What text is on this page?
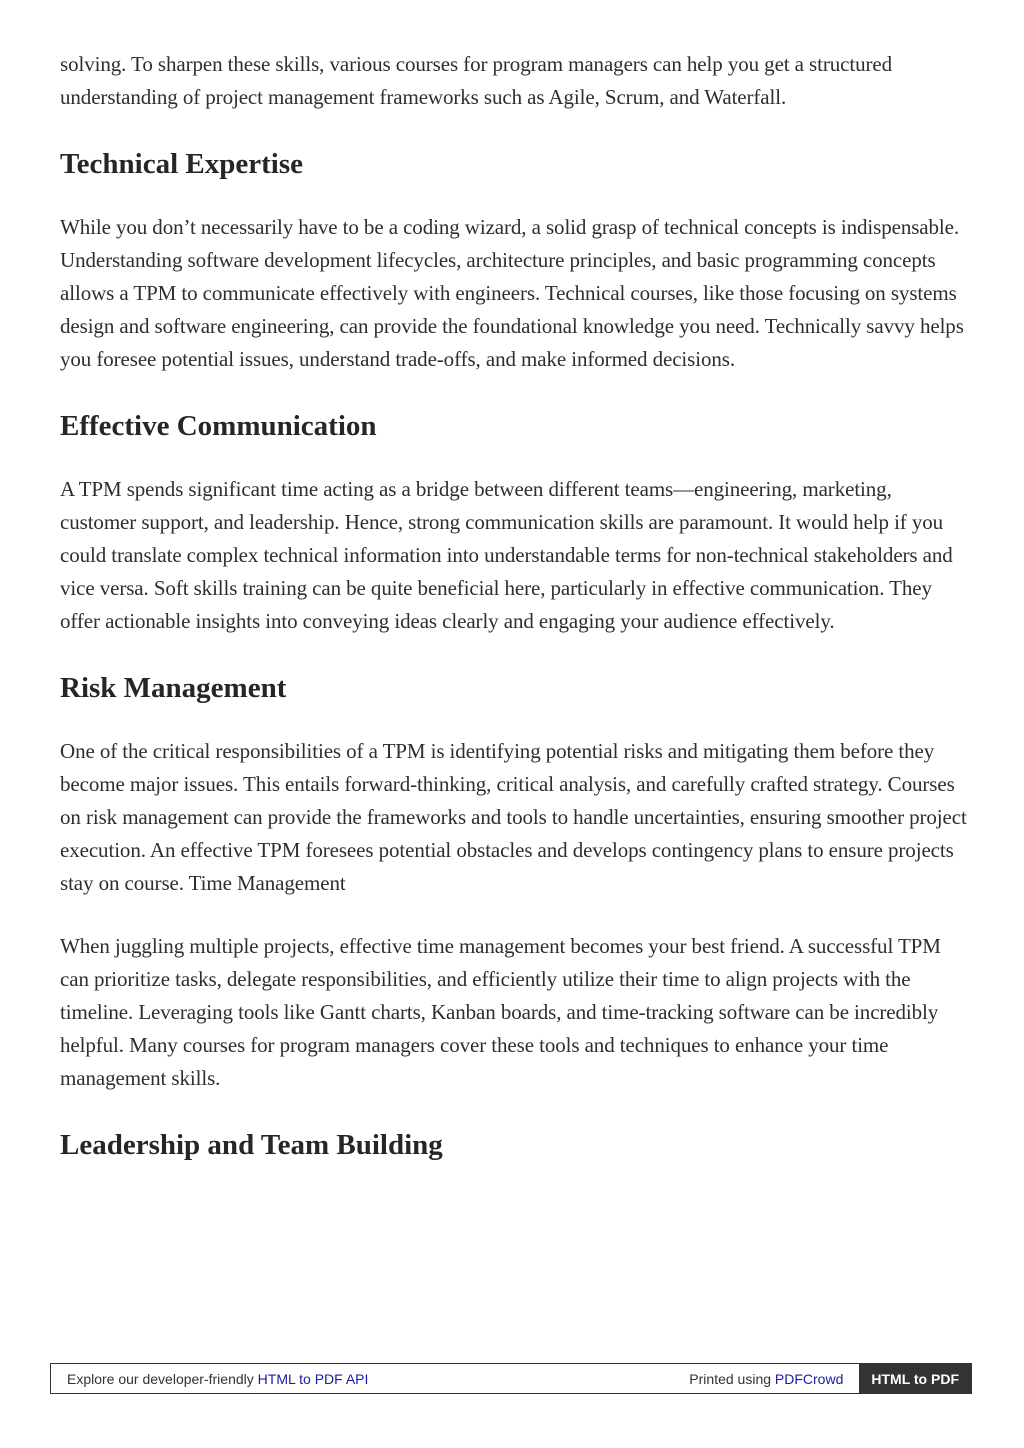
solving. To sharpen these skills, various courses for program managers can help you get a structured understanding of project management frameworks such as Agile, Scrum, and Waterfall.

Technical Expertise

While you don’t necessarily have to be a coding wizard, a solid grasp of technical concepts is indispensable. Understanding software development lifecycles, architecture principles, and basic programming concepts allows a TPM to communicate effectively with engineers. Technical courses, like those focusing on systems design and software engineering, can provide the foundational knowledge you need. Technically savvy helps you foresee potential issues, understand trade-offs, and make informed decisions.

Effective Communication

A TPM spends significant time acting as a bridge between different teams—engineering, marketing, customer support, and leadership. Hence, strong communication skills are paramount. It would help if you could translate complex technical information into understandable terms for non-technical stakeholders and vice versa. Soft skills training can be quite beneficial here, particularly in effective communication. They offer actionable insights into conveying ideas clearly and engaging your audience effectively.

Risk Management

One of the critical responsibilities of a TPM is identifying potential risks and mitigating them before they become major issues. This entails forward-thinking, critical analysis, and carefully crafted strategy. Courses on risk management can provide the frameworks and tools to handle uncertainties, ensuring smoother project execution. An effective TPM foresees potential obstacles and develops contingency plans to ensure projects stay on course. Time Management

When juggling multiple projects, effective time management becomes your best friend. A successful TPM can prioritize tasks, delegate responsibilities, and efficiently utilize their time to align projects with the timeline. Leveraging tools like Gantt charts, Kanban boards, and time-tracking software can be incredibly helpful. Many courses for program managers cover these tools and techniques to enhance your time management skills.

Leadership and Team Building
Explore our developer-friendly HTML to PDF API	Printed using PDFCrowd	HTML to PDF
